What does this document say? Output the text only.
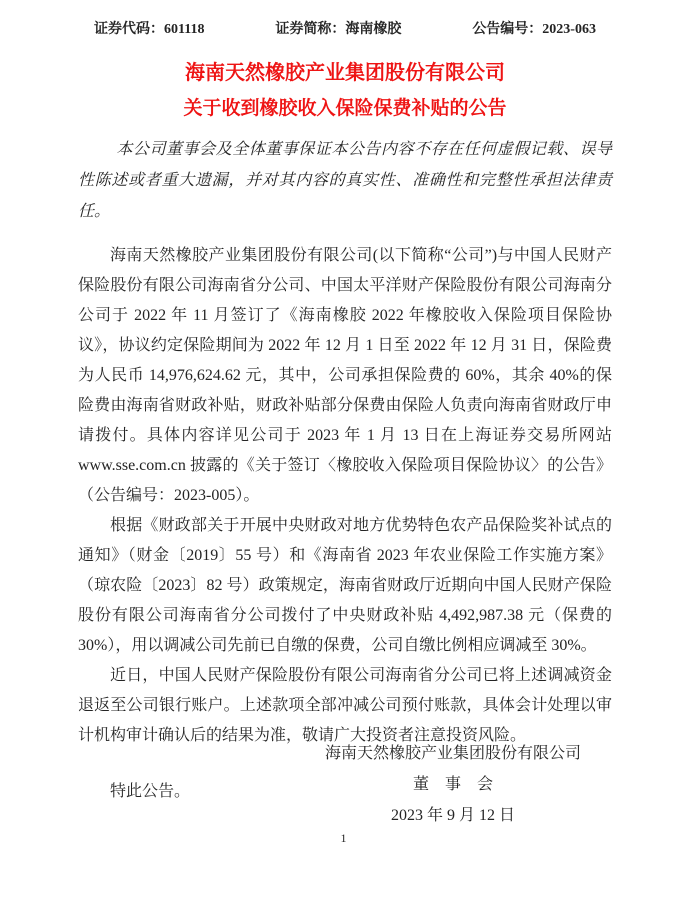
证券代码：601118	证券简称：海南橡胶	公告编号：2023-063
海南天然橡胶产业集团股份有限公司
关于收到橡胶收入保险保费补贴的公告

本公司董事会及全体董事保证本公告内容不存在任何虚假记载、误导性陈述或者重大遗漏，并对其内容的真实性、准确性和完整性承担法律责任。

海南天然橡胶产业集团股份有限公司(以下简称“公司”)与中国人民财产保险股份有限公司海南省分公司、中国太平洋财产保险股份有限公司海南分公司于 2022 年 11 月签订了《海南橡胶 2022 年橡胶收入保险项目保险协议》，协议约定保险期间为 2022 年 12 月 1 日至 2022 年 12 月 31 日，保险费为人民币 14,976,624.62 元，其中，公司承担保险费的 60%，其余 40%的保险费由海南省财政补贴，财政补贴部分保费由保险人负责向海南省财政厅申请拨付。具体内容详见公司于 2023 年 1 月 13 日在上海证券交易所网站 www.sse.com.cn 披露的《关于签订〈橡胶收入保险项目保险协议〉的公告》（公告编号：2023-005）。

根据《财政部关于开展中央财政对地方优势特色农产品保险奖补试点的通知》（财金〔2019〕55 号）和《海南省 2023 年农业保险工作实施方案》（琼农险〔2023〕82 号）政策规定，海南省财政厅近期向中国人民财产保险股份有限公司海南省分公司拨付了中央财政补贴 4,492,987.38 元（保费的 30%），用以调减公司先前已自缴的保费，公司自缴比例相应调减至 30%。

近日，中国人民财产保险股份有限公司海南省分公司已将上述调减资金退返至公司银行账户。上述款项全部冲减公司预付账款，具体会计处理以审计机构审计确认后的结果为准，敬请广大投资者注意投资风险。

特此公告。

海南天然橡胶产业集团股份有限公司
董　事　会
2023 年 9 月 12 日
1
